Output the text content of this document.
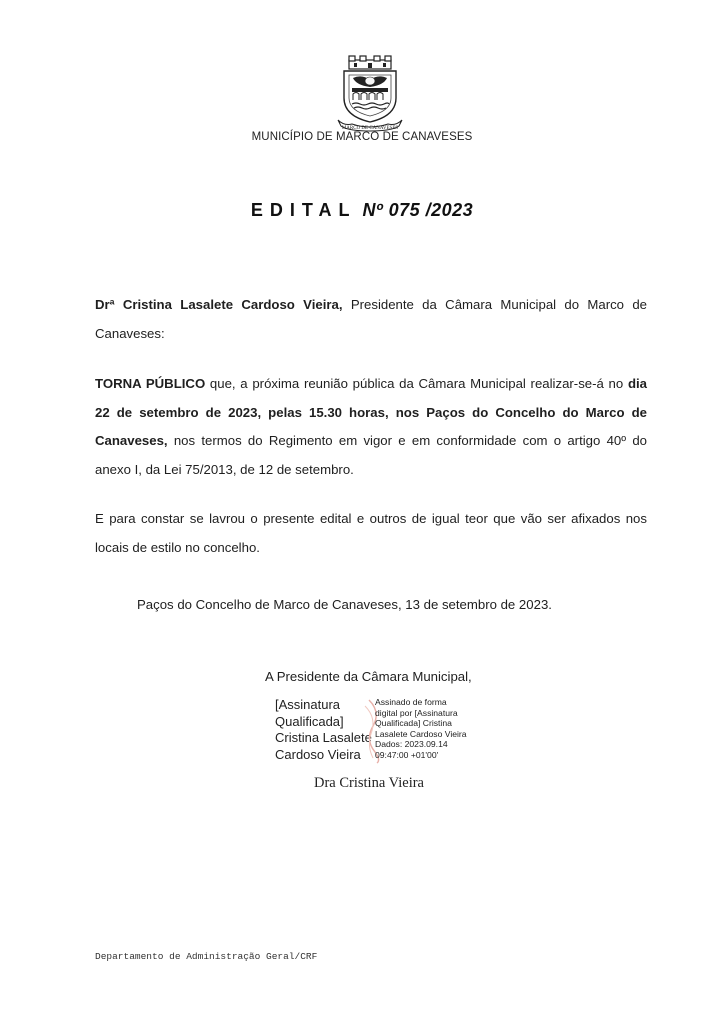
MARCO DE CANAVESES
MUNICÍPIO DE MARCO DE CANAVESES
EDITAL Nº 075 /2023
Drª Cristina Lasalete Cardoso Vieira, Presidente da Câmara Municipal do Marco de Canaveses:
TORNA PÚBLICO que, a próxima reunião pública da Câmara Municipal realizar-se-á no dia 22 de setembro de 2023, pelas 15.30 horas, nos Paços do Concelho do Marco de Canaveses, nos termos do Regimento em vigor e em conformidade com o artigo 40º do anexo I, da Lei 75/2013, de 12 de setembro.
E para constar se lavrou o presente edital e outros de igual teor que vão ser afixados nos locais de estilo no concelho.
Paços do Concelho de Marco de Canaveses, 13 de setembro de 2023.
A Presidente da Câmara Municipal,
[Assinatura
Qualificada]
Cristina Lasalete
Cardoso Vieira
Assinado de forma
digital por [Assinatura
Qualificada] Cristina
Lasalete Cardoso Vieira
Dados: 2023.09.14
09:47:00 +01'00'
Dra Cristina Vieira
Departamento de Administração Geral/CRF
